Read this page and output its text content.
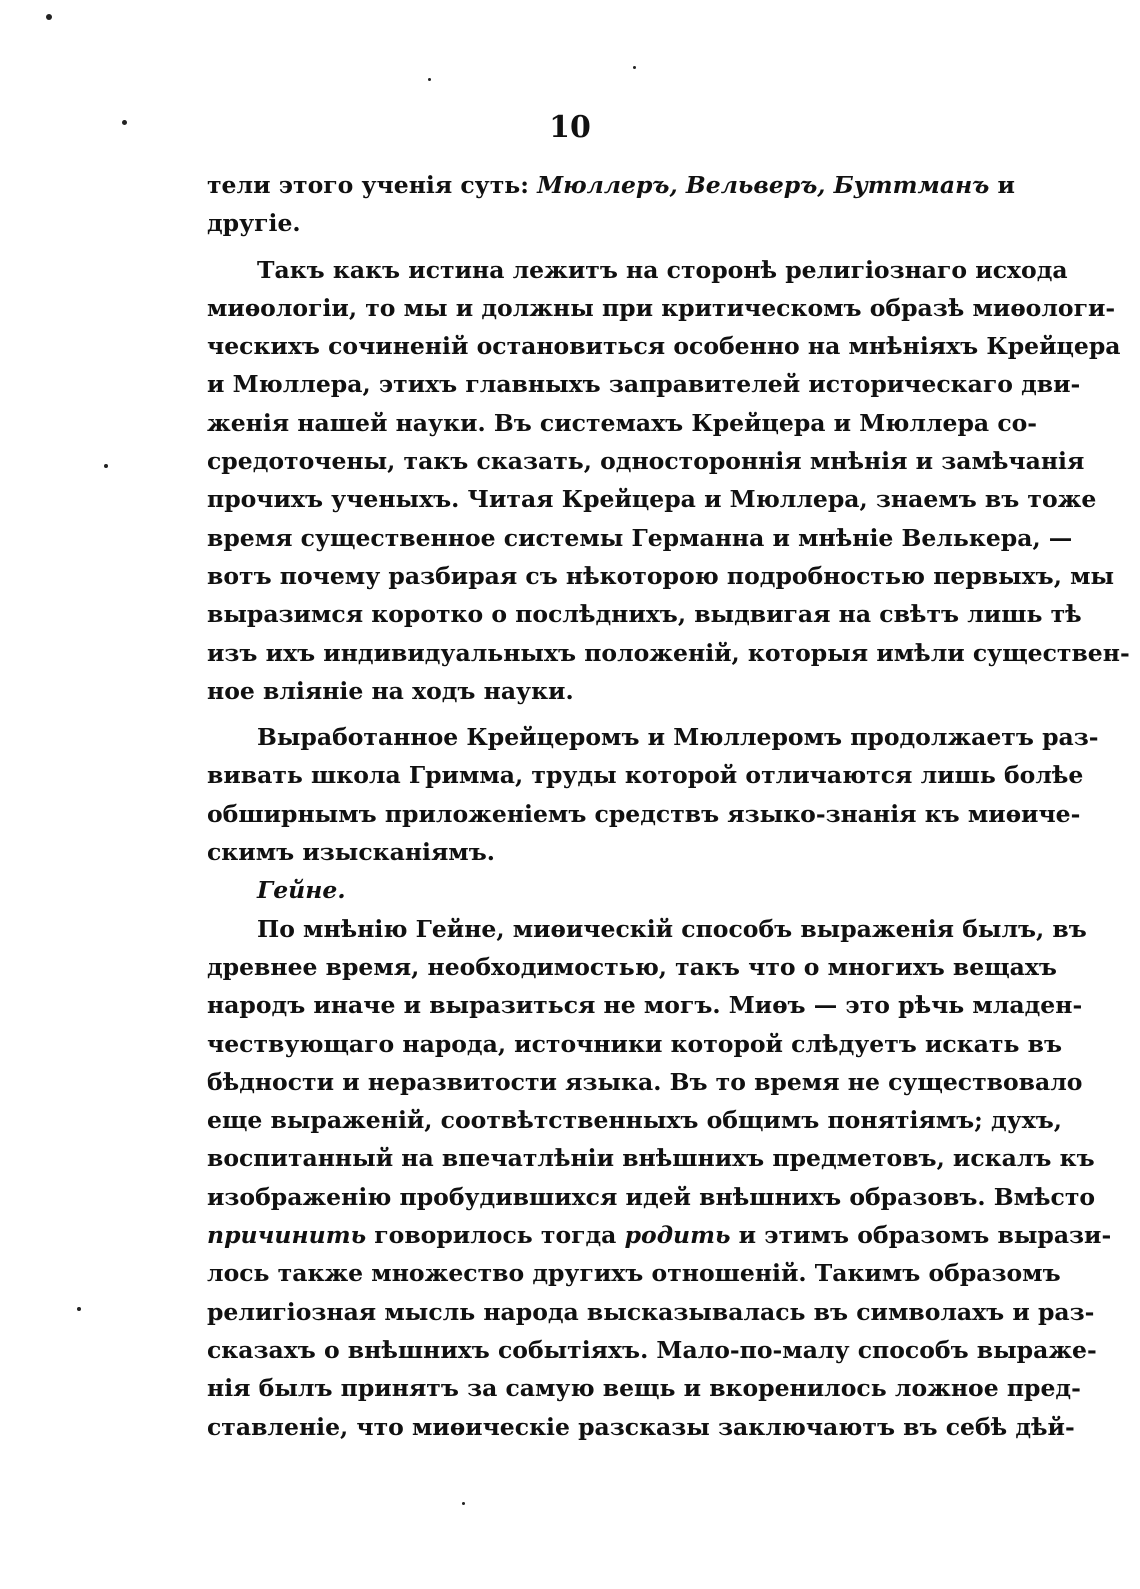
10
тели этого ученія суть: Мюллеръ, Вельверъ, Буттманъ и
другіе.
Такъ какъ истина лежитъ на сторонѣ религіознаго исхода
миѳологіи, то мы и должны при критическомъ образѣ миѳологи-
ческихъ сочиненій остановиться особенно на мнѣніяхъ Крейцера
и Мюллера, этихъ главныхъ заправителей историческаго дви-
женія нашей науки. Въ системахъ Крейцера и Мюллера со-
средоточены, такъ сказать, одностороннія мнѣнія и замѣчанія
прочихъ ученыхъ. Читая Крейцера и Мюллера, знаемъ въ тоже
время существенное системы Германна и мнѣніе Велькера, —
вотъ почему разбирая съ нѣкоторою подробностью первыхъ, мы
выразимся коротко о послѣднихъ, выдвигая на свѣтъ лишь тѣ
изъ ихъ индивидуальныхъ положеній, которыя имѣли существен-
ное вліяніе на ходъ науки.
Выработанное Крейцеромъ и Мюллеромъ продолжаетъ раз-
вивать школа Гримма, труды которой отличаются лишь болѣе
обширнымъ приложеніемъ средствъ языко-знанія къ миѳиче-
скимъ изысканіямъ.
Гейне.
По мнѣнію Гейне, миѳическій способъ выраженія былъ, въ
древнее время, необходимостью, такъ что о многихъ вещахъ
народъ иначе и выразиться не могъ. Миѳъ — это рѣчь младен-
чествующаго народа, источники которой слѣдуетъ искать въ
бѣдности и неразвитости языка. Въ то время не существовало
еще выраженій, соотвѣтственныхъ общимъ понятіямъ; духъ,
воспитанный на впечатлѣніи внѣшнихъ предметовъ, искалъ къ
изображенію пробудившихся идей внѣшнихъ образовъ. Вмѣсто
причинить говорилось тогда родить и этимъ образомъ вырази-
лось также множество другихъ отношеній. Такимъ образомъ
религіозная мысль народа высказывалась въ символахъ и раз-
сказахъ о внѣшнихъ событіяхъ. Мало-по-малу способъ выраже-
нія былъ принятъ за самую вещь и вкоренилось ложное пред-
ставленіе, что миѳическіе разсказы заключаютъ въ себѣ дѣй-
